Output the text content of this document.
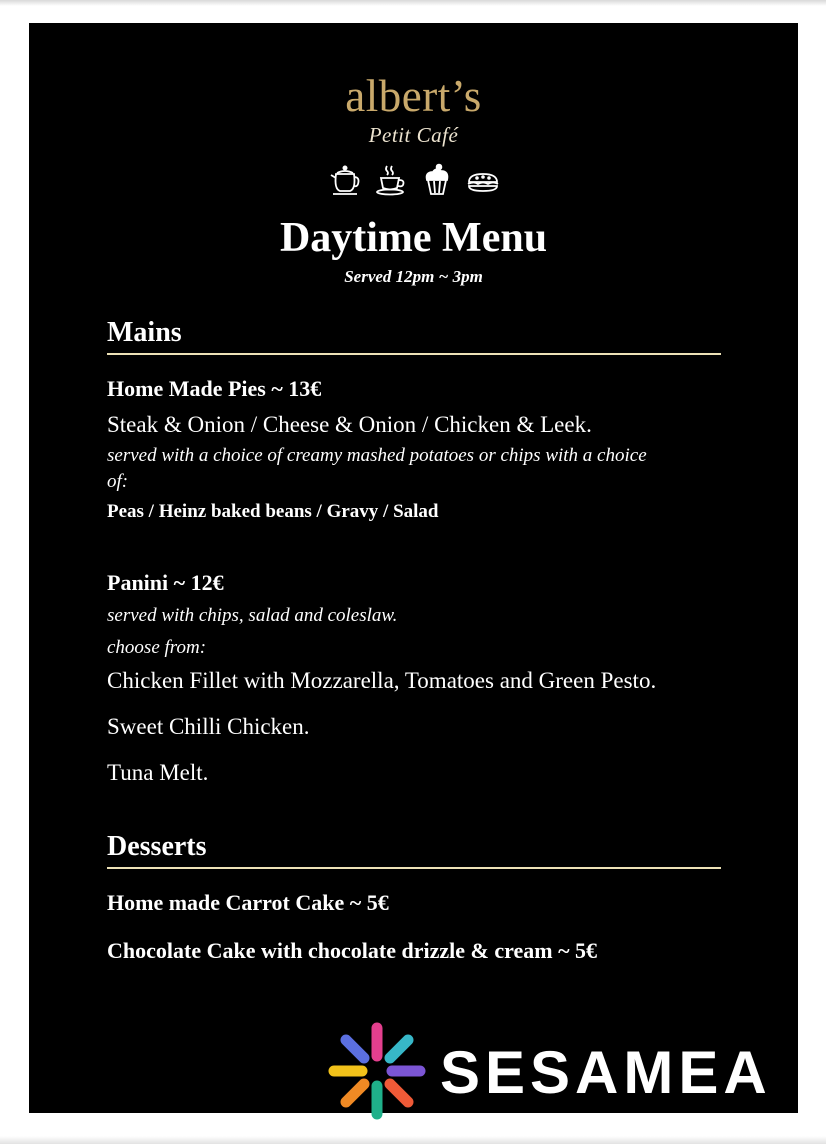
albert’s
Petit Café
Daytime Menu
Served 12pm ~ 3pm
Mains
Home Made Pies ~ 13€
Steak & Onion / Cheese & Onion / Chicken & Leek.
served with a choice of creamy mashed potatoes or chips with a choice of:
Peas / Heinz baked beans / Gravy / Salad
Panini ~ 12€
served with chips, salad and coleslaw.
choose from:
Chicken Fillet with Mozzarella, Tomatoes and Green Pesto.
Sweet Chilli Chicken.
Tuna Melt.
Desserts
Home made Carrot Cake ~ 5€
Chocolate Cake with chocolate drizzle & cream ~ 5€
SESAMEA
